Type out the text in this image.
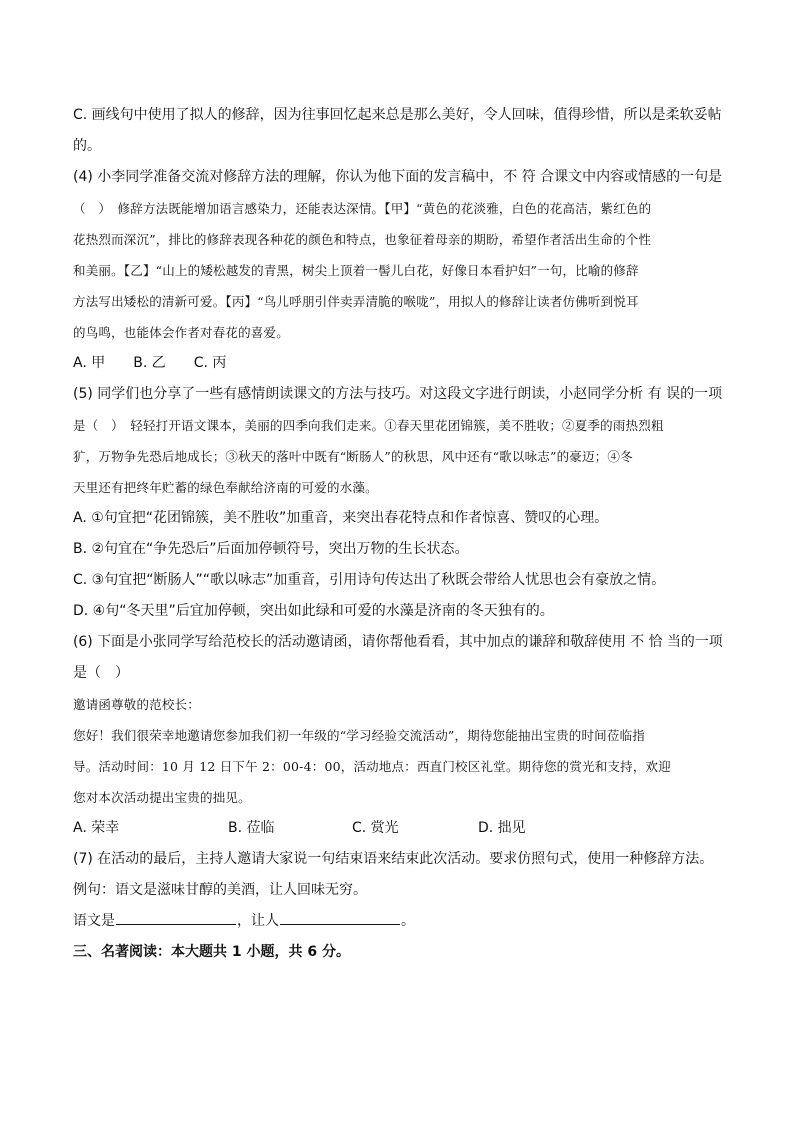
C. 画线句中使用了拟人的修辞，因为往事回忆起来总是那么美好，令人回味，值得珍惜，所以是柔软妥帖
的。
(4) 小李同学准备交流对修辞方法的理解，你认为他下面的发言稿中，不 符 合课文中内容或情感的一句是
（　）　修辞方法既能增加语言感染力，还能表达深情。【甲】“黄色的花淡雅，白色的花高洁，紫红色的
花热烈而深沉”，排比的修辞表现各种花的颜色和特点，也象征着母亲的期盼，希望作者活出生命的个性
和美丽。【乙】“山上的矮松越发的青黑，树尖上顶着一髻儿白花，好像日本看护妇”一句，比喻的修辞
方法写出矮松的清新可爱。【丙】“鸟儿呼朋引伴卖弄清脆的喉咙”，用拟人的修辞让读者仿佛听到悦耳
的鸟鸣，也能体会作者对春花的喜爱。
A. 甲　　B. 乙　　C. 丙
(5) 同学们也分享了一些有感情朗读课文的方法与技巧。对这段文字进行朗读，小赵同学分析 有 误的一项
是（　）　轻轻打开语文课本，美丽的四季向我们走来。①春天里花团锦簇，美不胜收；②夏季的雨热烈粗
犷，万物争先恐后地成长；③秋天的落叶中既有“断肠人”的秋思，风中还有“歌以咏志”的豪迈；④冬
天里还有把终年贮蓄的绿色奉献给济南的可爱的水藻。
A. ①句宜把“花团锦簇，美不胜收”加重音，来突出春花特点和作者惊喜、赞叹的心理。
B. ②句宜在“争先恐后”后面加停顿符号，突出万物的生长状态。
C. ③句宜把“断肠人”“歌以咏志”加重音，引用诗句传达出了秋既会带给人忧思也会有豪放之情。
D. ④句“冬天里”后宜加停顿，突出如此绿和可爱的水藻是济南的冬天独有的。
(6) 下面是小张同学写给范校长的活动邀请函，请你帮他看看，其中加点的谦辞和敬辞使用 不 恰 当的一项
是（　）
邀请函尊敬的范校长：
您好！我们很荣幸地邀请您参加我们初一年级的“学习经验交流活动”，期待您能抽出宝贵的时间莅临指
导。活动时间：10 月 12 日下午 2：00-4：00，活动地点：西直门校区礼堂。期待您的赏光和支持，欢迎
您对本次活动提出宝贵的拙见。
A. 荣幸	B. 莅临	C. 赏光	D. 拙见
(7) 在活动的最后，主持人邀请大家说一句结束语来结束此次活动。要求仿照句式，使用一种修辞方法。
例句：语文是滋味甘醇的美酒，让人回味无穷。
语文是	，让人	。
三、名著阅读：本大题共 1 小题，共 6 分。
